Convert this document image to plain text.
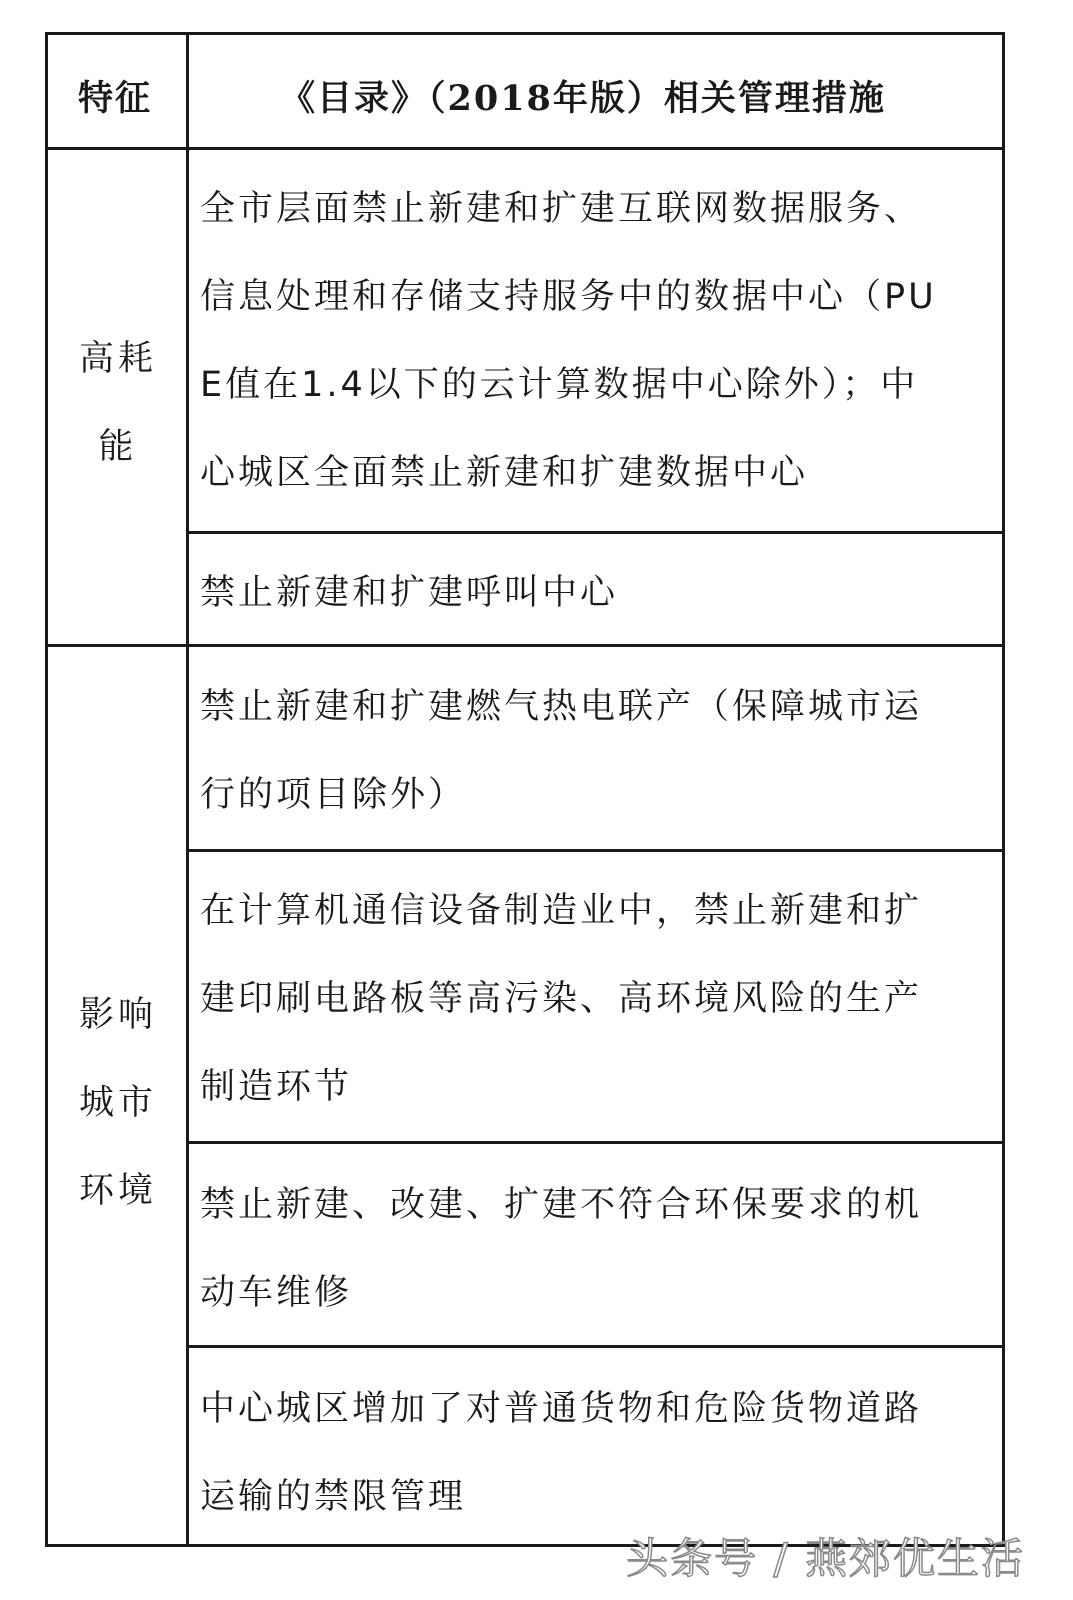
特征	《目录》（2018年版）相关管理措施
高耗
能
全市层面禁止新建和扩建互联网数据服务、
信息处理和存储支持服务中的数据中心（PU
E值在1.4以下的云计算数据中心除外）；中
心城区全面禁止新建和扩建数据中心
禁止新建和扩建呼叫中心
影响
城市
环境
禁止新建和扩建燃气热电联产（保障城市运
行的项目除外）
在计算机通信设备制造业中，禁止新建和扩
建印刷电路板等高污染、高环境风险的生产
制造环节
禁止新建、改建、扩建不符合环保要求的机
动车维修
中心城区增加了对普通货物和危险货物道路
运输的禁限管理
头条号 / 燕郊优生活
